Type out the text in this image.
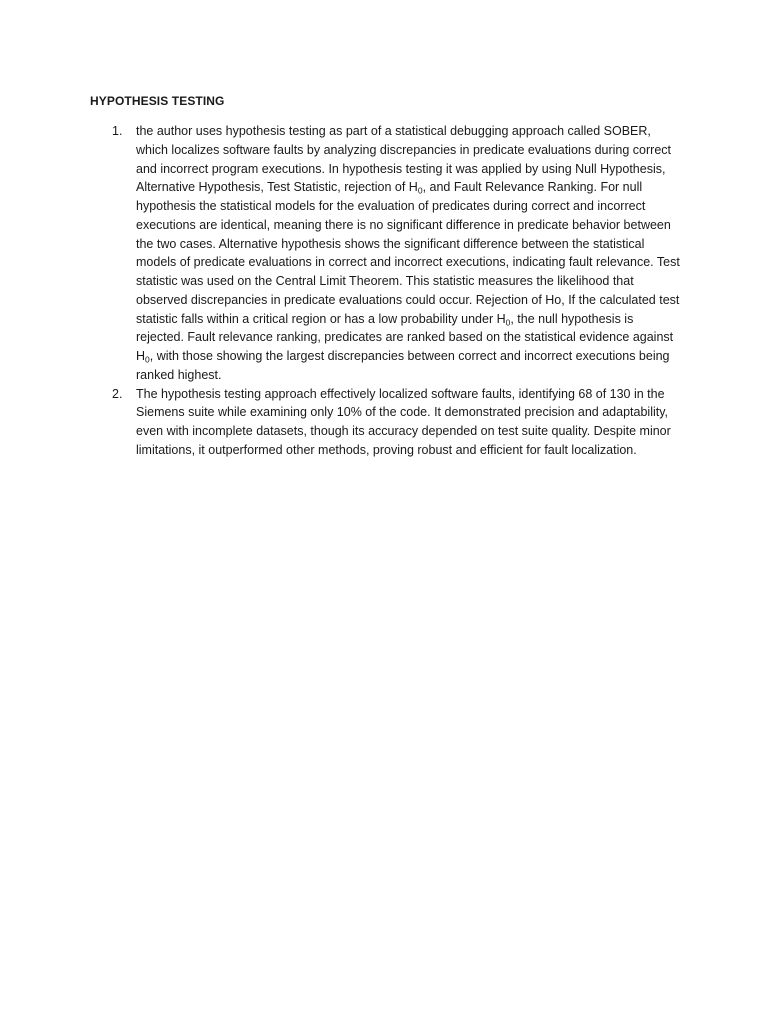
HYPOTHESIS TESTING
1. the author uses hypothesis testing as part of a statistical debugging approach called SOBER, which localizes software faults by analyzing discrepancies in predicate evaluations during correct and incorrect program executions. In hypothesis testing it was applied by using Null Hypothesis, Alternative Hypothesis, Test Statistic, rejection of $H_0$, and Fault Relevance Ranking. For null hypothesis the statistical models for the evaluation of predicates during correct and incorrect executions are identical, meaning there is no significant difference in predicate behavior between the two cases. Alternative hypothesis shows the significant difference between the statistical models of predicate evaluations in correct and incorrect executions, indicating fault relevance. Test statistic was used on the Central Limit Theorem. This statistic measures the likelihood that observed discrepancies in predicate evaluations could occur. Rejection of Ho, If the calculated test statistic falls within a critical region or has a low probability under $H_0$, the null hypothesis is rejected. Fault relevance ranking, predicates are ranked based on the statistical evidence against $H_0$, with those showing the largest discrepancies between correct and incorrect executions being ranked highest.
2. The hypothesis testing approach effectively localized software faults, identifying 68 of 130 in the Siemens suite while examining only 10% of the code. It demonstrated precision and adaptability, even with incomplete datasets, though its accuracy depended on test suite quality. Despite minor limitations, it outperformed other methods, proving robust and efficient for fault localization.
